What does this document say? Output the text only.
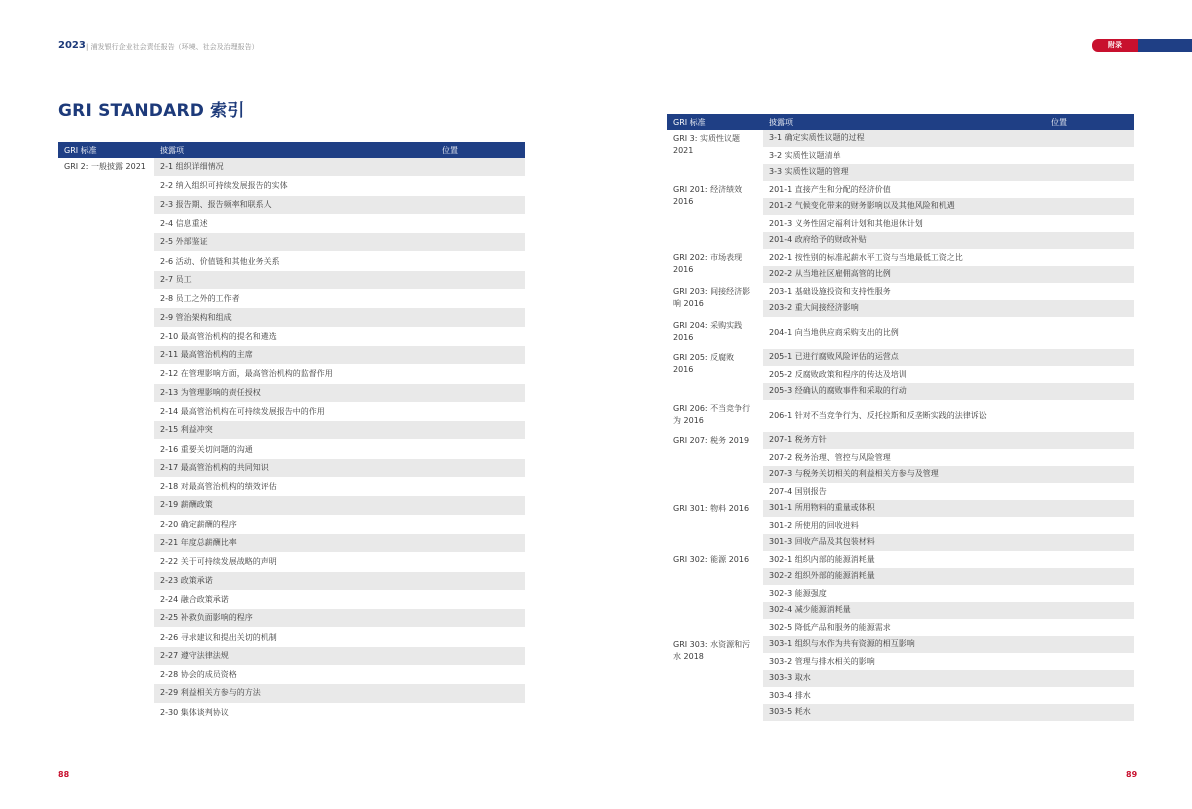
2023 | 浦发银行企业社会责任报告（环境、社会及治理报告）	附录
GRI STANDARD 索引
GRI 标准	披露项	位置
GRI 2: 一般披露 2021	2-1 组织详细情况	
	2-2 纳入组织可持续发展报告的实体	
	2-3 报告期、报告频率和联系人	
	2-4 信息重述	
	2-5 外部鉴证	
	2-6 活动、价值链和其他业务关系	
	2-7 员工	
	2-8 员工之外的工作者	
	2-9 管治架构和组成	
	2-10 最高管治机构的提名和遴选	
	2-11 最高管治机构的主席	
	2-12 在管理影响方面，最高管治机构的监督作用	
	2-13 为管理影响的责任授权	
	2-14 最高管治机构在可持续发展报告中的作用	
	2-15 利益冲突	
	2-16 重要关切问题的沟通	
	2-17 最高管治机构的共同知识	
	2-18 对最高管治机构的绩效评估	
	2-19 薪酬政策	
	2-20 确定薪酬的程序	
	2-21 年度总薪酬比率	
	2-22 关于可持续发展战略的声明	
	2-23 政策承诺	
	2-24 融合政策承诺	
	2-25 补救负面影响的程序	
	2-26 寻求建议和提出关切的机制	
	2-27 遵守法律法规	
	2-28 协会的成员资格	
	2-29 利益相关方参与的方法	
	2-30 集体谈判协议	
GRI 标准	披露项	位置
GRI 3: 实质性议题 2021	3-1 确定实质性议题的过程	
	3-2 实质性议题清单	
	3-3 实质性议题的管理	
GRI 201: 经济绩效 2016	201-1 直接产生和分配的经济价值	
	201-2 气候变化带来的财务影响以及其他风险和机遇	
	201-3 义务性固定福利计划和其他退休计划	
	201-4 政府给予的财政补贴	
GRI 202: 市场表现 2016	202-1 按性别的标准起薪水平工资与当地最低工资之比	
	202-2 从当地社区雇佣高管的比例	
GRI 203: 间接经济影响 2016	203-1 基础设施投资和支持性服务	
	203-2 重大间接经济影响	
GRI 204: 采购实践 2016	204-1 向当地供应商采购支出的比例	
GRI 205: 反腐败 2016	205-1 已进行腐败风险评估的运营点	
	205-2 反腐败政策和程序的传达及培训	
	205-3 经确认的腐败事件和采取的行动	
GRI 206: 不当竞争行为 2016	206-1 针对不当竞争行为、反托拉斯和反垄断实践的法律诉讼	
GRI 207: 税务 2019	207-1 税务方针	
	207-2 税务治理、管控与风险管理	
	207-3 与税务关切相关的利益相关方参与及管理	
	207-4 国别报告	
GRI 301: 物料 2016	301-1 所用物料的重量或体积	
	301-2 所使用的回收进料	
	301-3 回收产品及其包装材料	
GRI 302: 能源 2016	302-1 组织内部的能源消耗量	
	302-2 组织外部的能源消耗量	
	302-3 能源强度	
	302-4 减少能源消耗量	
	302-5 降低产品和服务的能源需求	
GRI 303: 水资源和污水 2018	303-1 组织与水作为共有资源的相互影响	
	303-2 管理与排水相关的影响	
	303-3 取水	
	303-4 排水	
	303-5 耗水	
88	89
